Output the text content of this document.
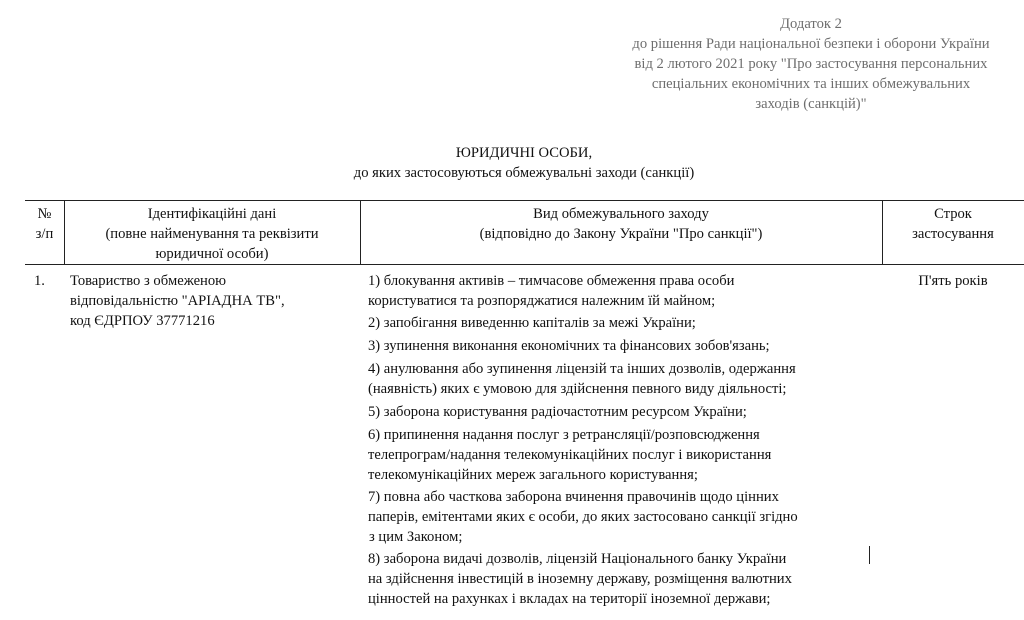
Додаток 2
до рішення Ради національної безпеки і оборони України
від 2 лютого 2021 року "Про застосування персональних
спеціальних економічних та інших обмежувальних
заходів (санкцій)"
ЮРИДИЧНІ ОСОБИ,
до яких застосовуються обмежувальні заходи (санкції)
№
з/п
Ідентифікаційні дані
(повне найменування та реквізити
юридичної особи)
Вид обмежувального заходу
(відповідно до Закону України "Про санкції")
Строк
застосування
1. Товариство з обмеженою
відповідальністю "АРІАДНА ТВ",
код ЄДРПОУ 37771216
П'ять років
1) блокування активів – тимчасове обмеження права особи
користуватися та розпоряджатися належним їй майном;
2) запобігання виведенню капіталів за межі України;
3) зупинення виконання економічних та фінансових зобов'язань;
4) анулювання або зупинення ліцензій та інших дозволів, одержання
(наявність) яких є умовою для здійснення певного виду діяльності;
5) заборона користування радіочастотним ресурсом України;
6) припинення надання послуг з ретрансляції/розповсюдження
телепрограм/надання телекомунікаційних послуг і використання
телекомунікаційних мереж загального користування;
7) повна або часткова заборона вчинення правочинів щодо цінних
паперів, емітентами яких є особи, до яких застосовано санкції згідно
з цим Законом;
8) заборона видачі дозволів, ліцензій Національного банку України
на здійснення інвестицій в іноземну державу, розміщення валютних
цінностей на рахунках і вкладах на території іноземної держави;
